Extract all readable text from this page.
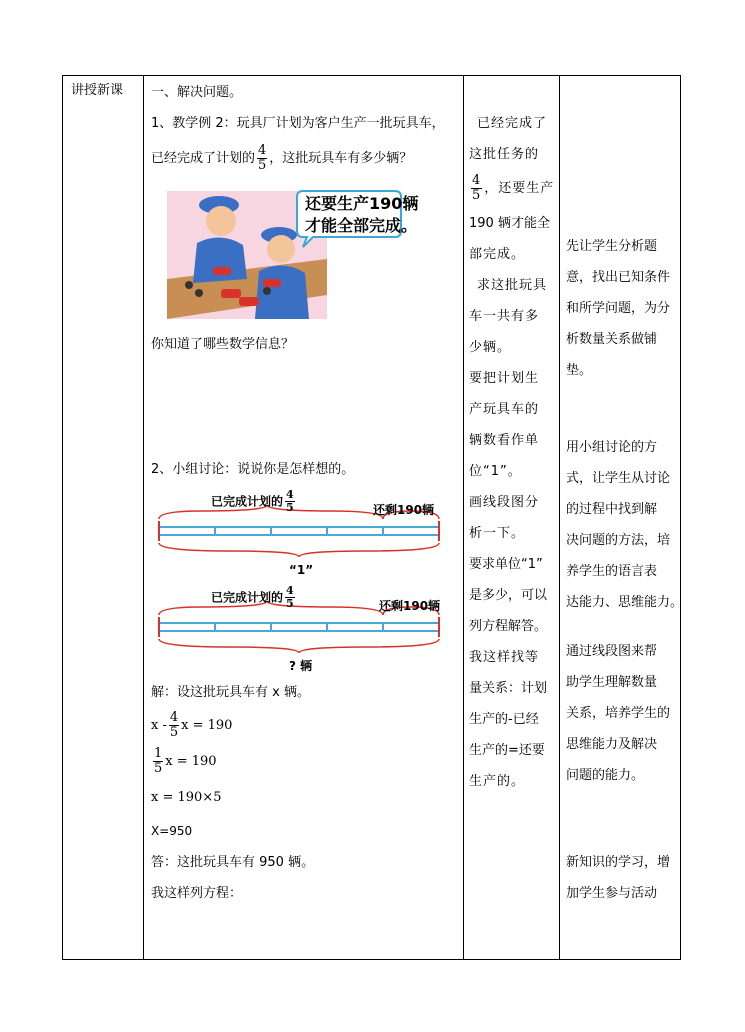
讲授新课 一、解决问题。

1、教学例 2：玩具厂计划为客户生产一批玩具车，

已经完成了计划的 $\frac{4}{5}$ ，这批玩具车有多少辆？

还要生产190辆
才能全部完成。

你知道了哪些数学信息？

2、小组讨论：说说你是怎样想的。

已完成计划的 $\frac{4}{5}$	还剩190辆
“1”
已完成计划的 $\frac{4}{5}$	还剩190辆
? 辆

解：设这批玩具车有 x 辆。

x - $\frac{4}{5}$ x = 190

$\frac{1}{5}$ x = 190

x = 190×5

X=950

答：这批玩具车有 950 辆。

我这样列方程：

已经完成了

这批任务的

$\frac{4}{5}$ ，还要生产

190 辆才能全

部完成。

求这批玩具

车一共有多

少辆。

要把计划生

产玩具车的

辆数看作单

位“1”。

画线段图分

析一下。

要求单位“1”

是多少，可以

列方程解答。

我这样找等

量关系：计划

生产的-已经

生产的=还要

生产的。

先让学生分析题

意，找出已知条件

和所学问题，为分

析数量关系做铺

垫。

用小组讨论的方

式，让学生从讨论

的过程中找到解

决问题的方法，培

养学生的语言表

达能力、思维能力。

通过线段图来帮

助学生理解数量

关系，培养学生的

思维能力及解决

问题的能力。

新知识的学习，增

加学生参与活动
